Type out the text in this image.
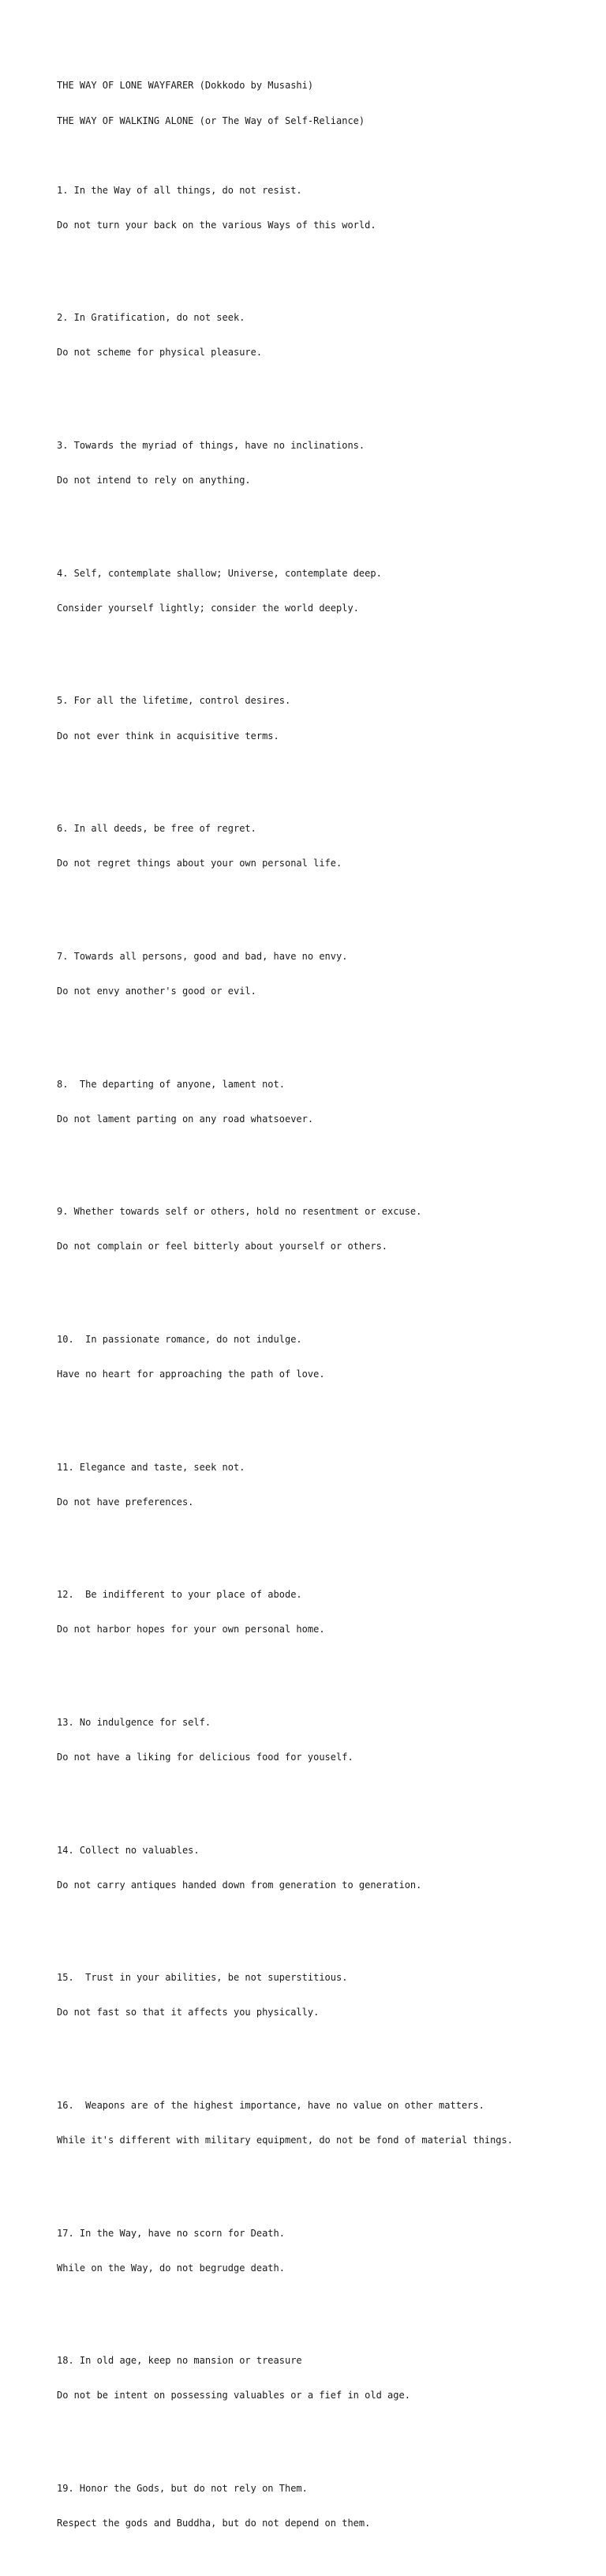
THE WAY OF LONE WAYFARER (Dokkodo by Musashi)

THE WAY OF WALKING ALONE (or The Way of Self-Reliance)

1. In the Way of all things, do not resist.

Do not turn your back on the various Ways of this world.

2. In Gratification, do not seek.

Do not scheme for physical pleasure.

3. Towards the myriad of things, have no inclinations.

Do not intend to rely on anything.

4. Self, contemplate shallow; Universe, contemplate deep.

Consider yourself lightly; consider the world deeply.

5. For all the lifetime, control desires.

Do not ever think in acquisitive terms.

6. In all deeds, be free of regret.

Do not regret things about your own personal life.

7. Towards all persons, good and bad, have no envy.

Do not envy another's good or evil.

8.  The departing of anyone, lament not.

Do not lament parting on any road whatsoever.

9. Whether towards self or others, hold no resentment or excuse.

Do not complain or feel bitterly about yourself or others.

10.  In passionate romance, do not indulge.

Have no heart for approaching the path of love.

11. Elegance and taste, seek not.

Do not have preferences.

12.  Be indifferent to your place of abode.

Do not harbor hopes for your own personal home.

13. No indulgence for self.

Do not have a liking for delicious food for youself.

14. Collect no valuables.

Do not carry antiques handed down from generation to generation.

15.  Trust in your abilities, be not superstitious.

Do not fast so that it affects you physically.

16.  Weapons are of the highest importance, have no value on other matters.

While it's different with military equipment, do not be fond of material things.

17. In the Way, have no scorn for Death.

While on the Way, do not begrudge death.

18. In old age, keep no mansion or treasure

Do not be intent on possessing valuables or a fief in old age.

19. Honor the Gods, but do not rely on Them.

Respect the gods and Buddha, but do not depend on them.
